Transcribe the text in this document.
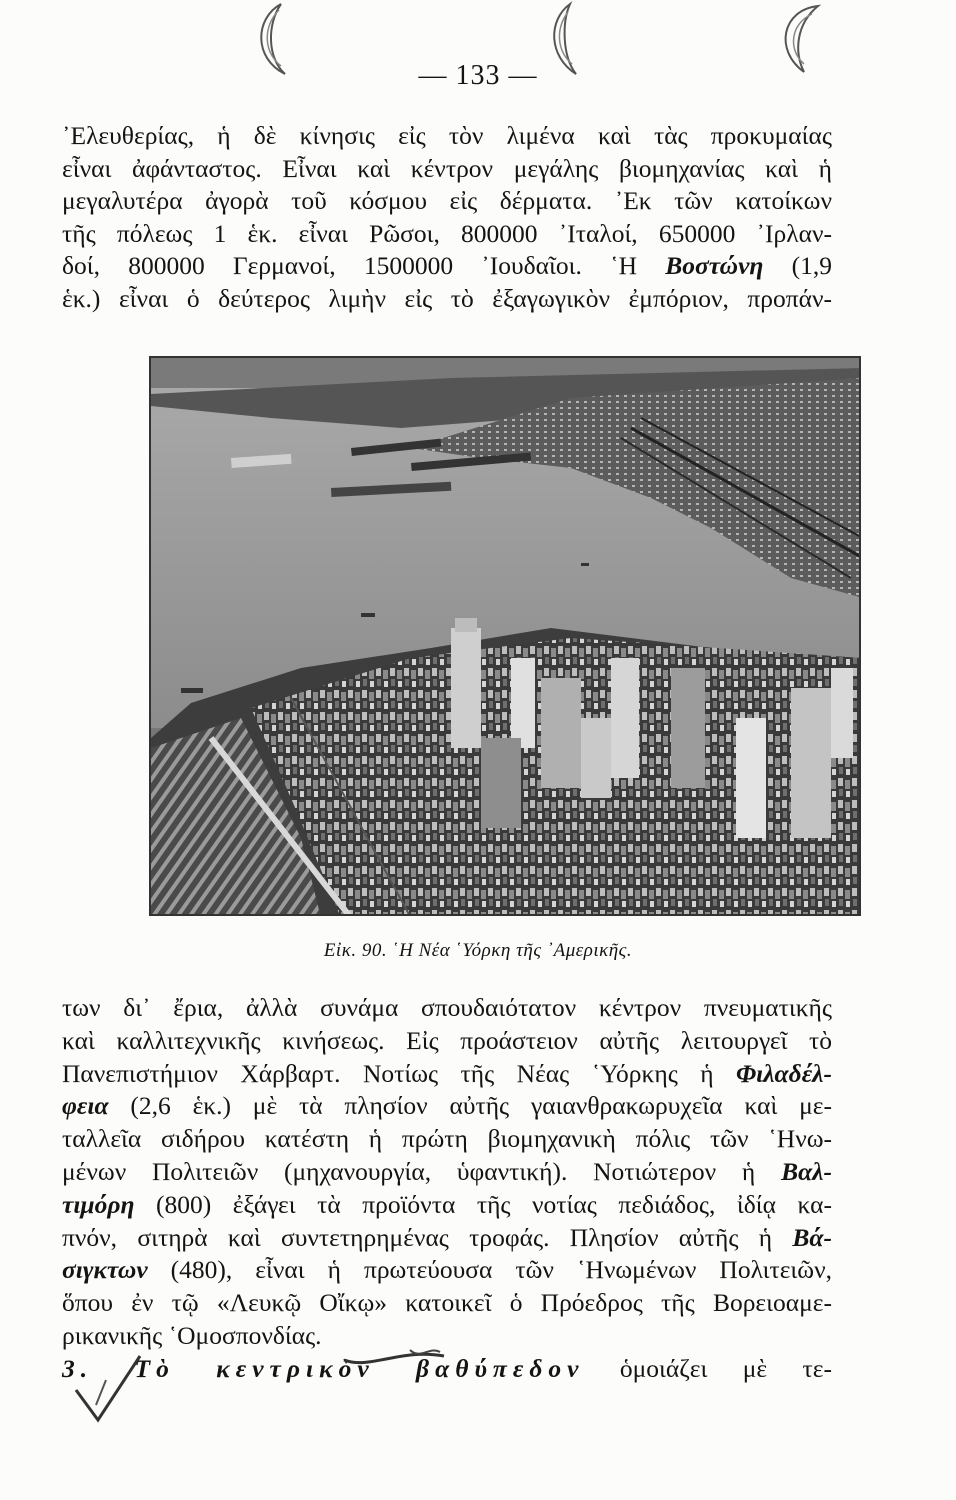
— 133 —
᾿Ελευθερίας, ἡ δὲ κίνησις εἰς τὸν λιμένα καὶ τὰς προκυμαίας
εἶναι ἀφάνταστος. Εἶναι καὶ κέντρον μεγάλης βιομηχανίας καὶ ἡ
μεγαλυτέρα ἀγορὰ τοῦ κόσμου εἰς δέρματα. ᾿Εκ τῶν κατοίκων
τῆς πόλεως 1 ἑκ. εἶναι Ρῶσοι, 800000 ᾿Ιταλοί, 650000 ᾿Ιρλαν-
δοί, 800000 Γερμανοί, 1500000 ᾿Ιουδαῖοι. ῾Η Βοστώνη (1,9
ἑκ.) εἶναι ὁ δεύτερος λιμὴν εἰς τὸ ἐξαγωγικὸν ἐμπόριον, προπάν-
Εἰκ. 90. ῾Η Νέα ῾Υόρκη τῆς ᾿Αμερικῆς.
των δι᾿ ἔρια, ἀλλὰ συνάμα σπουδαιότατον κέντρον πνευματικῆς
καὶ καλλιτεχνικῆς κινήσεως. Εἰς προάστειον αὐτῆς λειτουργεῖ τὸ
Πανεπιστήμιον Χάρβαρτ. Νοτίως τῆς Νέας ῾Υόρκης ἡ Φιλαδέλ-
φεια (2,6 ἑκ.) μὲ τὰ πλησίον αὐτῆς γαιανθρακωρυχεῖα καὶ με-
ταλλεῖα σιδήρου κατέστη ἡ πρώτη βιομηχανικὴ πόλις τῶν ῾Ηνω-
μένων Πολιτειῶν (μηχανουργία, ὑφαντική). Νοτιώτερον ἡ Βαλ-
τιμόρη (800) ἐξάγει τὰ προϊόντα τῆς νοτίας πεδιάδος, ἰδίᾳ κα-
πνόν, σιτηρὰ καὶ συντετηρημένας τροφάς. Πλησίον αὐτῆς ἡ Βά-
σιγκτων (480), εἶναι ἡ πρωτεύουσα τῶν ῾Ηνωμένων Πολιτειῶν,
ὅπου ἐν τῷ «Λευκῷ Οἴκῳ» κατοικεῖ ὁ Πρόεδρος τῆς Βορειοαμε-
ρικανικῆς ῾Ομοσπονδίας.
3. Τὸ κεντρικὸν βαθύπεδον ὁμοιάζει μὲ τε-
